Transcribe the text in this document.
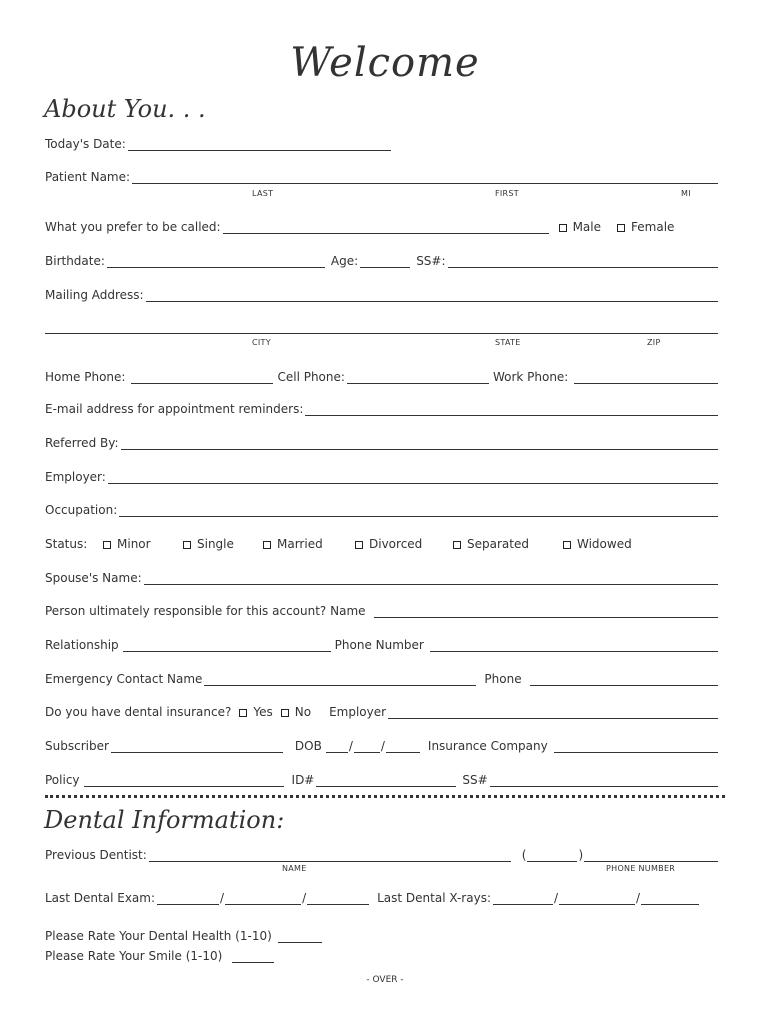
Welcome
About You. . .
Today's Date:
Patient Name:
LAST	FIRST	MI
What you prefer to be called:	Male	Female
Birthdate:	Age:	SS#:
Mailing Address:
CITY	STATE	ZIP
Home Phone:	Cell Phone:	Work Phone:
E-mail address for appointment reminders:
Referred By:
Employer:
Occupation:
Status:	Minor	Single	Married	Divorced	Separated	Widowed
Spouse's Name:
Person ultimately responsible for this account? Name
Relationship	Phone Number
Emergency Contact Name	Phone
Do you have dental insurance? Yes No Employer
Subscriber	DOB	/ /	Insurance Company
Policy	ID#	SS#
Dental Information:
Previous Dentist:	(	)
NAME	PHONE NUMBER
Last Dental Exam:	/	/	Last Dental X-rays:	/	/
Please Rate Your Dental Health (1-10)
Please Rate Your Smile (1-10)
- OVER -
